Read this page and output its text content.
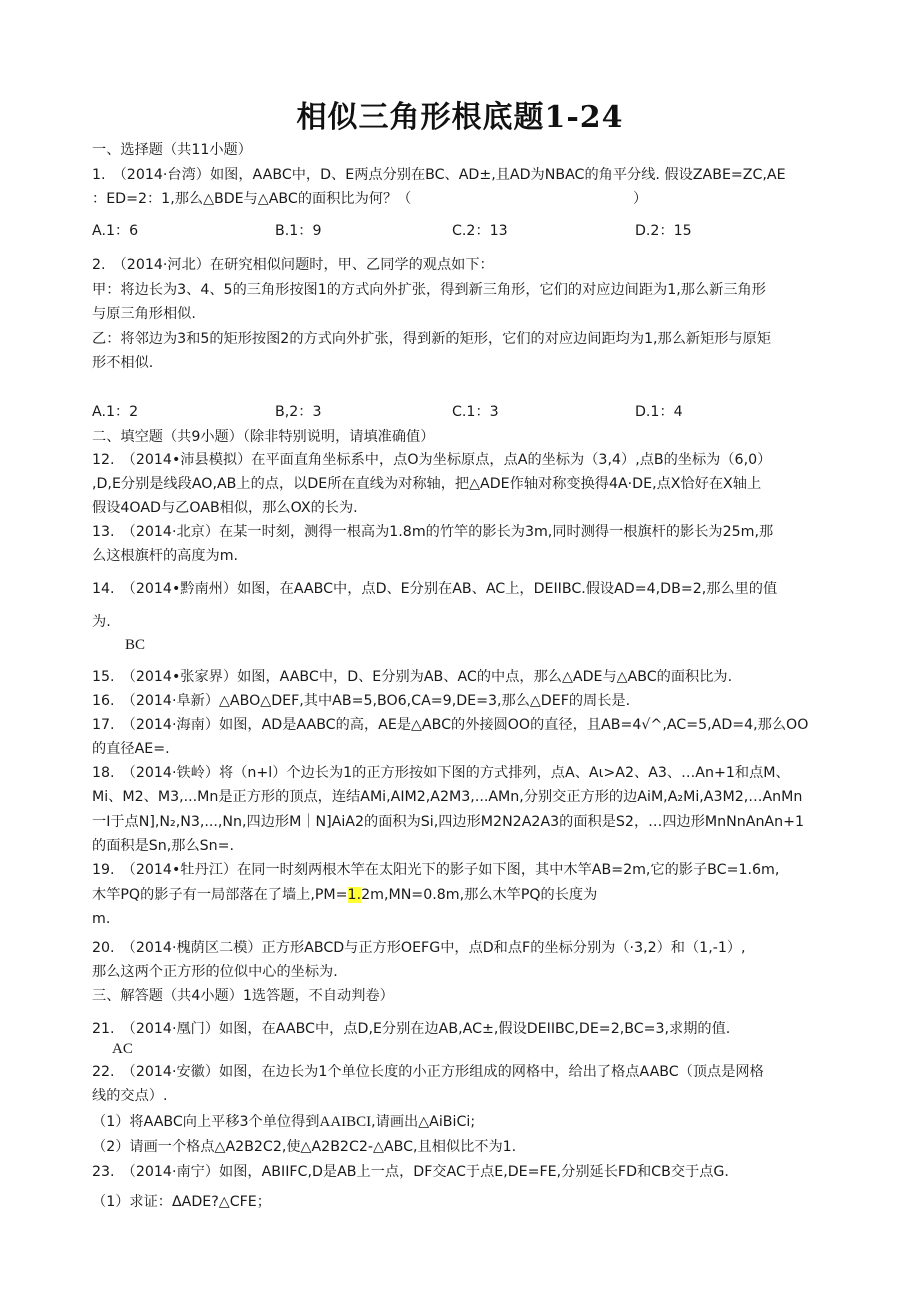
相似三角形根底题1-24
一、选择题（共11小题）
1.　（2014·台湾）如图，AABC中，D、E两点分别在BC、AD±,且AD为NBAC的角平分线. 假设ZABE=ZC,AE
：ED=2：1,那么△BDE与△ABC的面积比为何？（	）
A.1：6	B.1：9	C.2：13	D.2：15
2.　（2014·河北）在研究相似问题时，甲、乙同学的观点如下：
甲：将边长为3、4、5的三角形按图1的方式向外扩张，得到新三角形，它们的对应边间距为1,那么新三角形
与原三角形相似.
乙：将邻边为3和5的矩形按图2的方式向外扩张，得到新的矩形，它们的对应边间距均为1,那么新矩形与原矩
形不相似.
A.1：2	B,2：3	C.1：3	D.1：4
二、填空题（共9小题）（除非特别说明，请填准确值）
12.　（2014•沛县模拟）在平面直角坐标系中，点O为坐标原点，点A的坐标为（3,4）,点B的坐标为（6,0）
,D,E分别是线段AO,AB上的点，以DE所在直线为对称轴，把△ADE作轴对称变换得4A·DE,点X恰好在X轴上
假设4OAD与乙OAB相似，那么OX的长为.
13.　（2014·北京）在某一时刻，测得一根高为1.8m的竹竿的影长为3m,同时测得一根旗杆的影长为25m,那
么这根旗杆的高度为m.
14.　（2014•黔南州）如图，在AABC中，点D、E分别在AB、AC上，DEIIBC.假设AD=4,DB=2,那么里的值
为.
BC
15.　（2014•张家界）如图，AABC中，D、E分别为AB、AC的中点，那么△ADE与△ABC的面积比为.
16.　（2014·阜新）△ABO△DEF,其中AB=5,BO6,CA=9,DE=3,那么△DEF的周长是.
17.　（2014·海南）如图，AD是AABC的高，AE是△ABC的外接圆OO的直径，且AB=4√^,AC=5,AD=4,那么OO
的直径AE=.
18.　（2014·铁岭）将（n+l）个边长为1的正方形按如下图的方式排列，点A、Aι>A2、A3、…An+1和点M、
Mi、M2、M3,...Mn是正方形的顶点，连结AMi,AIM2,A2M3,...AMn,分别交正方形的边AiM,A₂Mi,A3M2,…AnMn
一I于点N],N₂,N3,...,Nn,四边形M｜N]AiA2的面积为Si,四边形M2N2A2A3的面积是S2，…四边形MnNnAnAn+1
的面积是Sn,那么Sn=.
19.　（2014•牡丹江）在同一时刻两根木竿在太阳光下的影子如下图，其中木竿AB=2m,它的影子BC=1.6m,
木竿PQ的影子有一局部落在了墙上,PM=1.2m,MN=0.8m,那么木竿PQ的长度为
m.
20.　（2014·槐荫区二模）正方形ABCD与正方形OEFG中，点D和点F的坐标分别为（·3,2）和（1,-1）,
那么这两个正方形的位似中心的坐标为.
三、解答题（共4小题）1选答题，不自动判卷）
21.　（2014·凰门）如图，在AABC中，点D,E分别在边AB,AC±,假设DEIIBC,DE=2,BC=3,求期的值.
AC
22.　（2014·安徽）如图，在边长为1个单位长度的小正方形组成的网格中，给出了格点AABC（顶点是网格
线的交点）.
（1）将AABC向上平移3个单位得到AAIBCI,请画出△AiBiCi;
（2）请画一个格点△A2B2C2,使△A2B2C2-△ABC,且相似比不为1.
23.　（2014·南宁）如图，ABIIFC,D是AB上一点，DF交AC于点E,DE=FE,分别延长FD和CB交于点G.
（1）求证：ΔADE?△CFE；
